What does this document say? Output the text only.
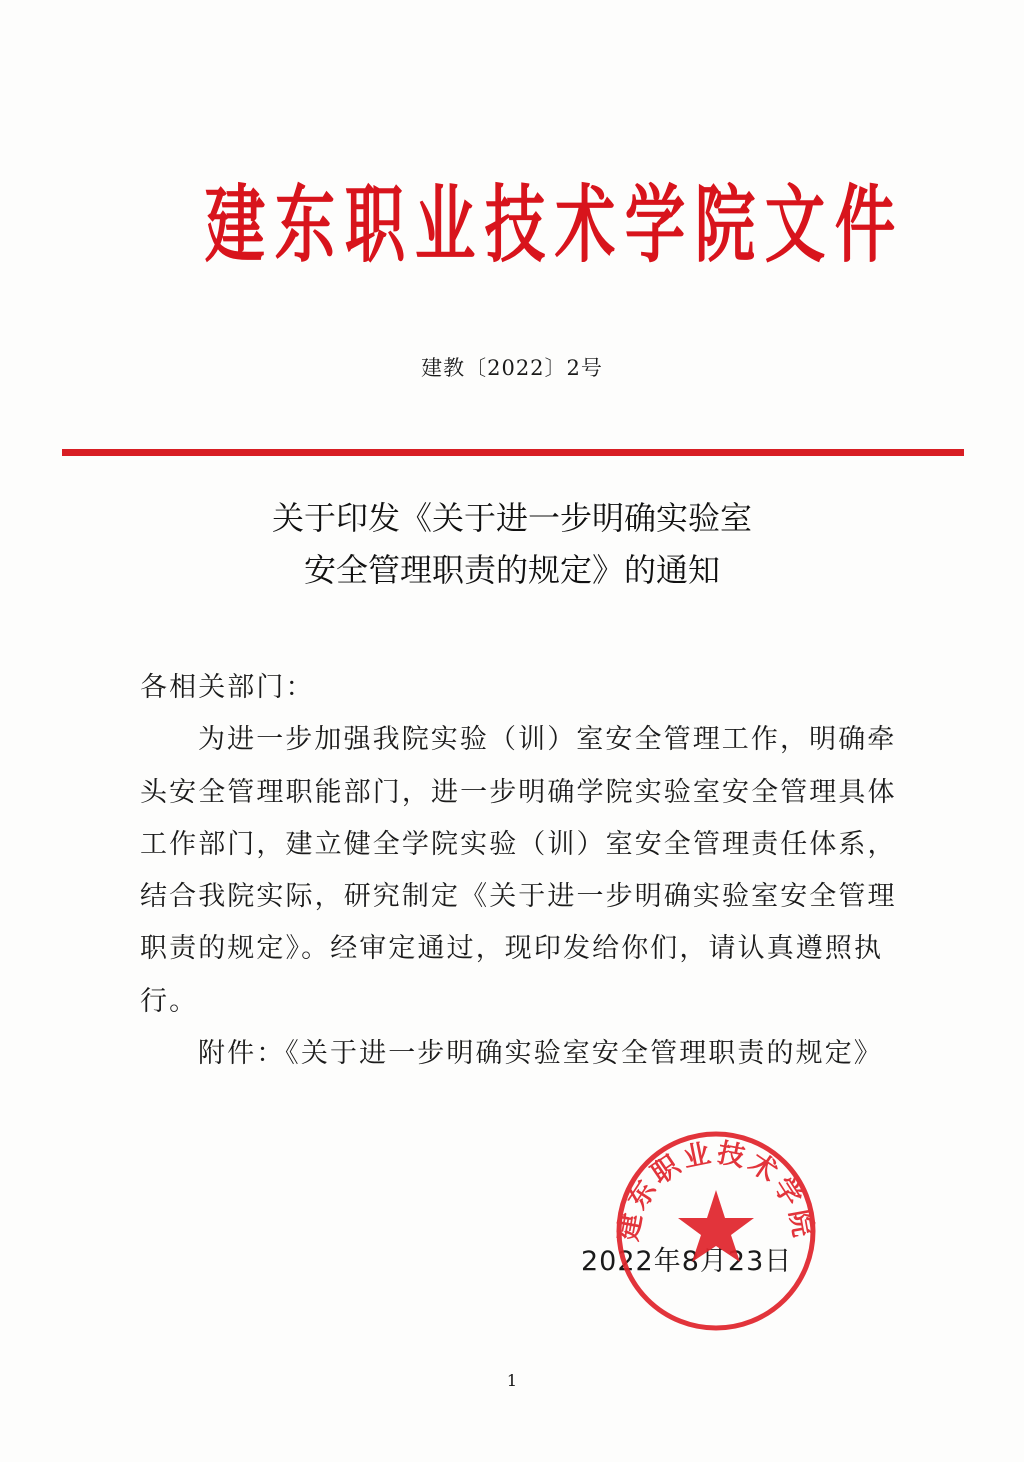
建 东 职 业 技 术 学 院 文 件
建教〔2022〕2号
关于印发《关于进一步明确实验室
安全管理职责的规定》的通知
各相关部门：
为进一步加强我院实验（训）室安全管理工作，明确牵
头安全管理职能部门，进一步明确学院实验室安全管理具体
工作部门，建立健全学院实验（训）室安全管理责任体系，
结合我院实际，研究制定《关于进一步明确实验室安全管理
职责的规定》。经审定通过，现印发给你们，请认真遵照执
行。
附件：《关于进一步明确实验室安全管理职责的规定》
2022年8月23日
建东职业技术学院
1
